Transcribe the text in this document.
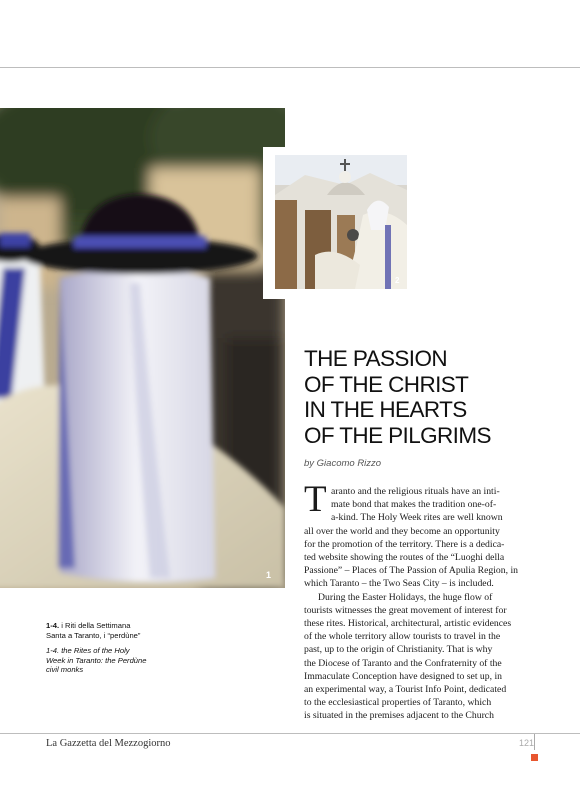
1
2

1-4. i Riti della Settimana
Santa a Taranto, i “perdùne”

1-4. the Rites of the Holy
Week in Taranto: the Perdùne
civil monks

THE PASSION
OF THE CHRIST
IN THE HEARTS
OF THE PILGRIMS
by Giacomo Rizzo
T aranto and the religious rituals have an inti-
mate bond that makes the tradition one-of-
a-kind. The Holy Week rites are well known
all over the world and they become an opportunity
for the promotion of the territory. There is a dedica-
ted website showing the routes of the “Luoghi della
Passione” – Places of The Passion of Apulia Region, in
which Taranto – the Two Seas City – is included.
During the Easter Holidays, the huge flow of
tourists witnesses the great movement of interest for
these rites. Historical, architectural, artistic evidences
of the whole territory allow tourists to travel in the
past, up to the origin of Christianity. That is why
the Diocese of Taranto and the Confraternity of the
Immaculate Conception have designed to set up, in
an experimental way, a Tourist Info Point, dedicated
to the ecclesiastical properties of Taranto, which
is situated in the premises adjacent to the Church
La Gazzetta del Mezzogiorno	121
